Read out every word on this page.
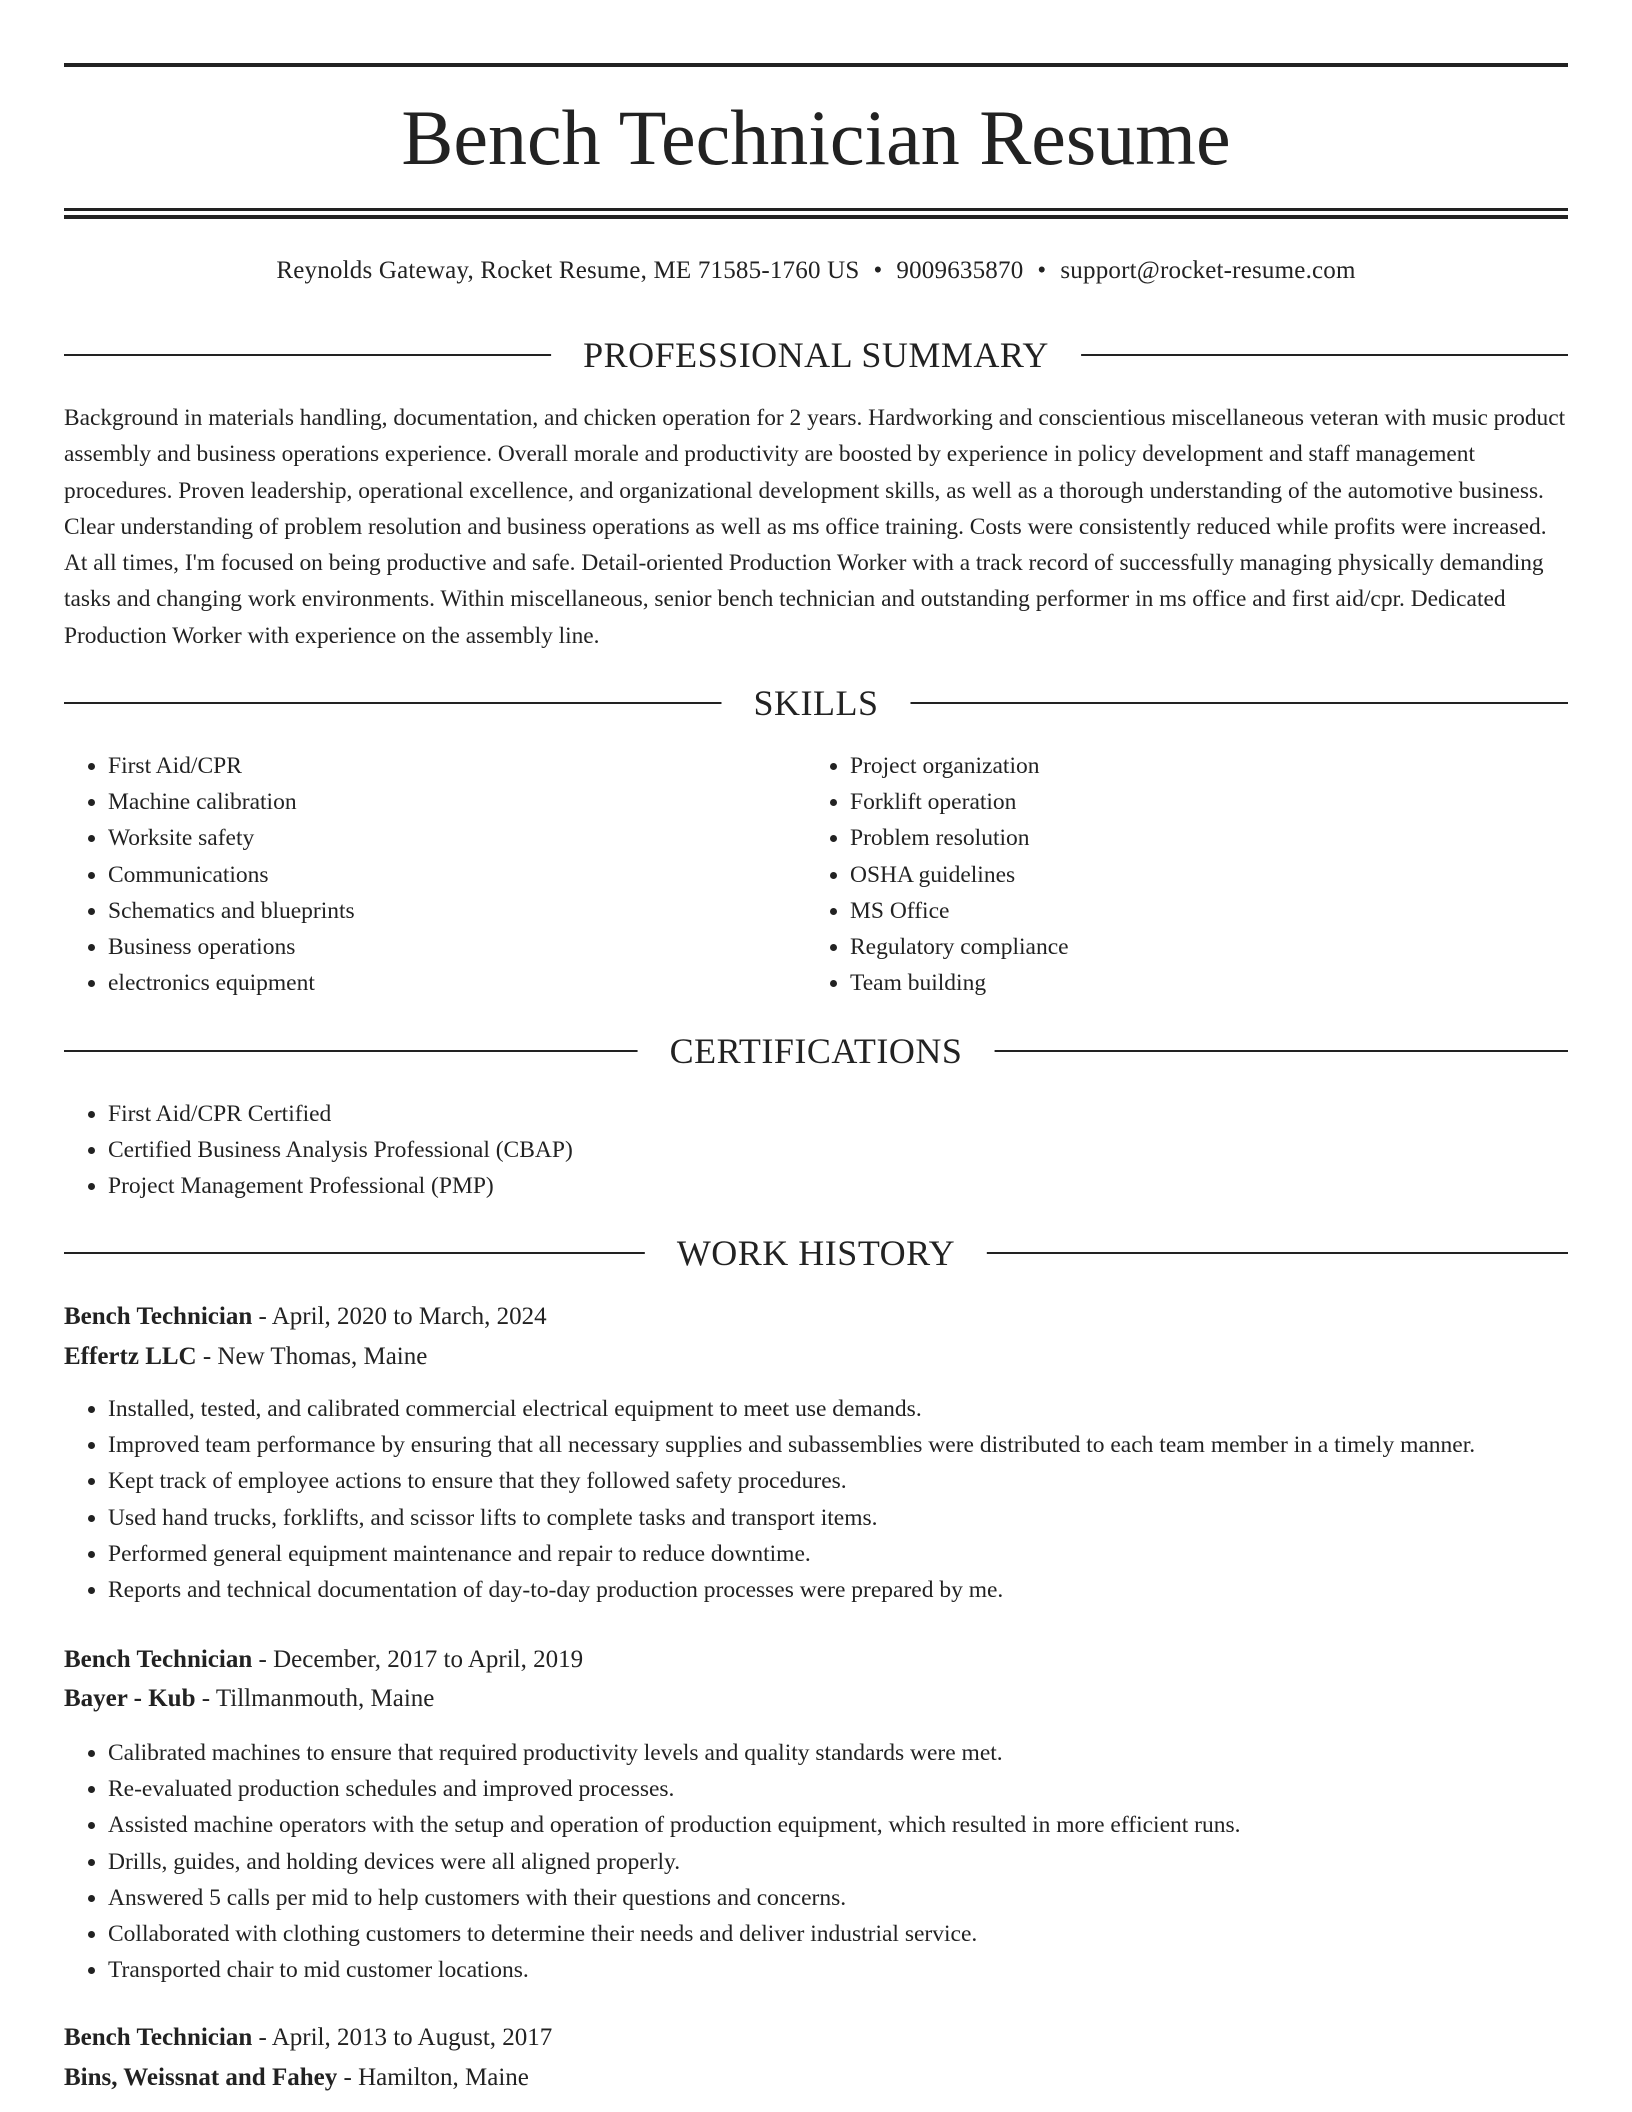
Bench Technician Resume
Reynolds Gateway, Rocket Resume, ME 71585-1760 US • 9009635870 • support@rocket-resume.com
PROFESSIONAL SUMMARY

Background in materials handling, documentation, and chicken operation for 2 years. Hardworking and conscientious miscellaneous veteran with music product assembly and business operations experience. Overall morale and productivity are boosted by experience in policy development and staff management procedures. Proven leadership, operational excellence, and organizational development skills, as well as a thorough understanding of the automotive business. Clear understanding of problem resolution and business operations as well as ms office training. Costs were consistently reduced while profits were increased. At all times, I'm focused on being productive and safe. Detail-oriented Production Worker with a track record of successfully managing physically demanding tasks and changing work environments. Within miscellaneous, senior bench technician and outstanding performer in ms office and first aid/cpr. Dedicated Production Worker with experience on the assembly line.

SKILLS
• First Aid/CPR
• Machine calibration
• Worksite safety
• Communications
• Schematics and blueprints
• Business operations
• electronics equipment
• Project organization
• Forklift operation
• Problem resolution
• OSHA guidelines
• MS Office
• Regulatory compliance
• Team building
CERTIFICATIONS
• First Aid/CPR Certified
• Certified Business Analysis Professional (CBAP)
• Project Management Professional (PMP)
WORK HISTORY
Bench Technician - April, 2020 to March, 2024
Effertz LLC - New Thomas, Maine
• Installed, tested, and calibrated commercial electrical equipment to meet use demands.
• Improved team performance by ensuring that all necessary supplies and subassemblies were distributed to each team member in a timely manner.
• Kept track of employee actions to ensure that they followed safety procedures.
• Used hand trucks, forklifts, and scissor lifts to complete tasks and transport items.
• Performed general equipment maintenance and repair to reduce downtime.
• Reports and technical documentation of day-to-day production processes were prepared by me.
Bench Technician - December, 2017 to April, 2019
Bayer - Kub - Tillmanmouth, Maine
• Calibrated machines to ensure that required productivity levels and quality standards were met.
• Re-evaluated production schedules and improved processes.
• Assisted machine operators with the setup and operation of production equipment, which resulted in more efficient runs.
• Drills, guides, and holding devices were all aligned properly.
• Answered 5 calls per mid to help customers with their questions and concerns.
• Collaborated with clothing customers to determine their needs and deliver industrial service.
• Transported chair to mid customer locations.
Bench Technician - April, 2013 to August, 2017
Bins, Weissnat and Fahey - Hamilton, Maine
